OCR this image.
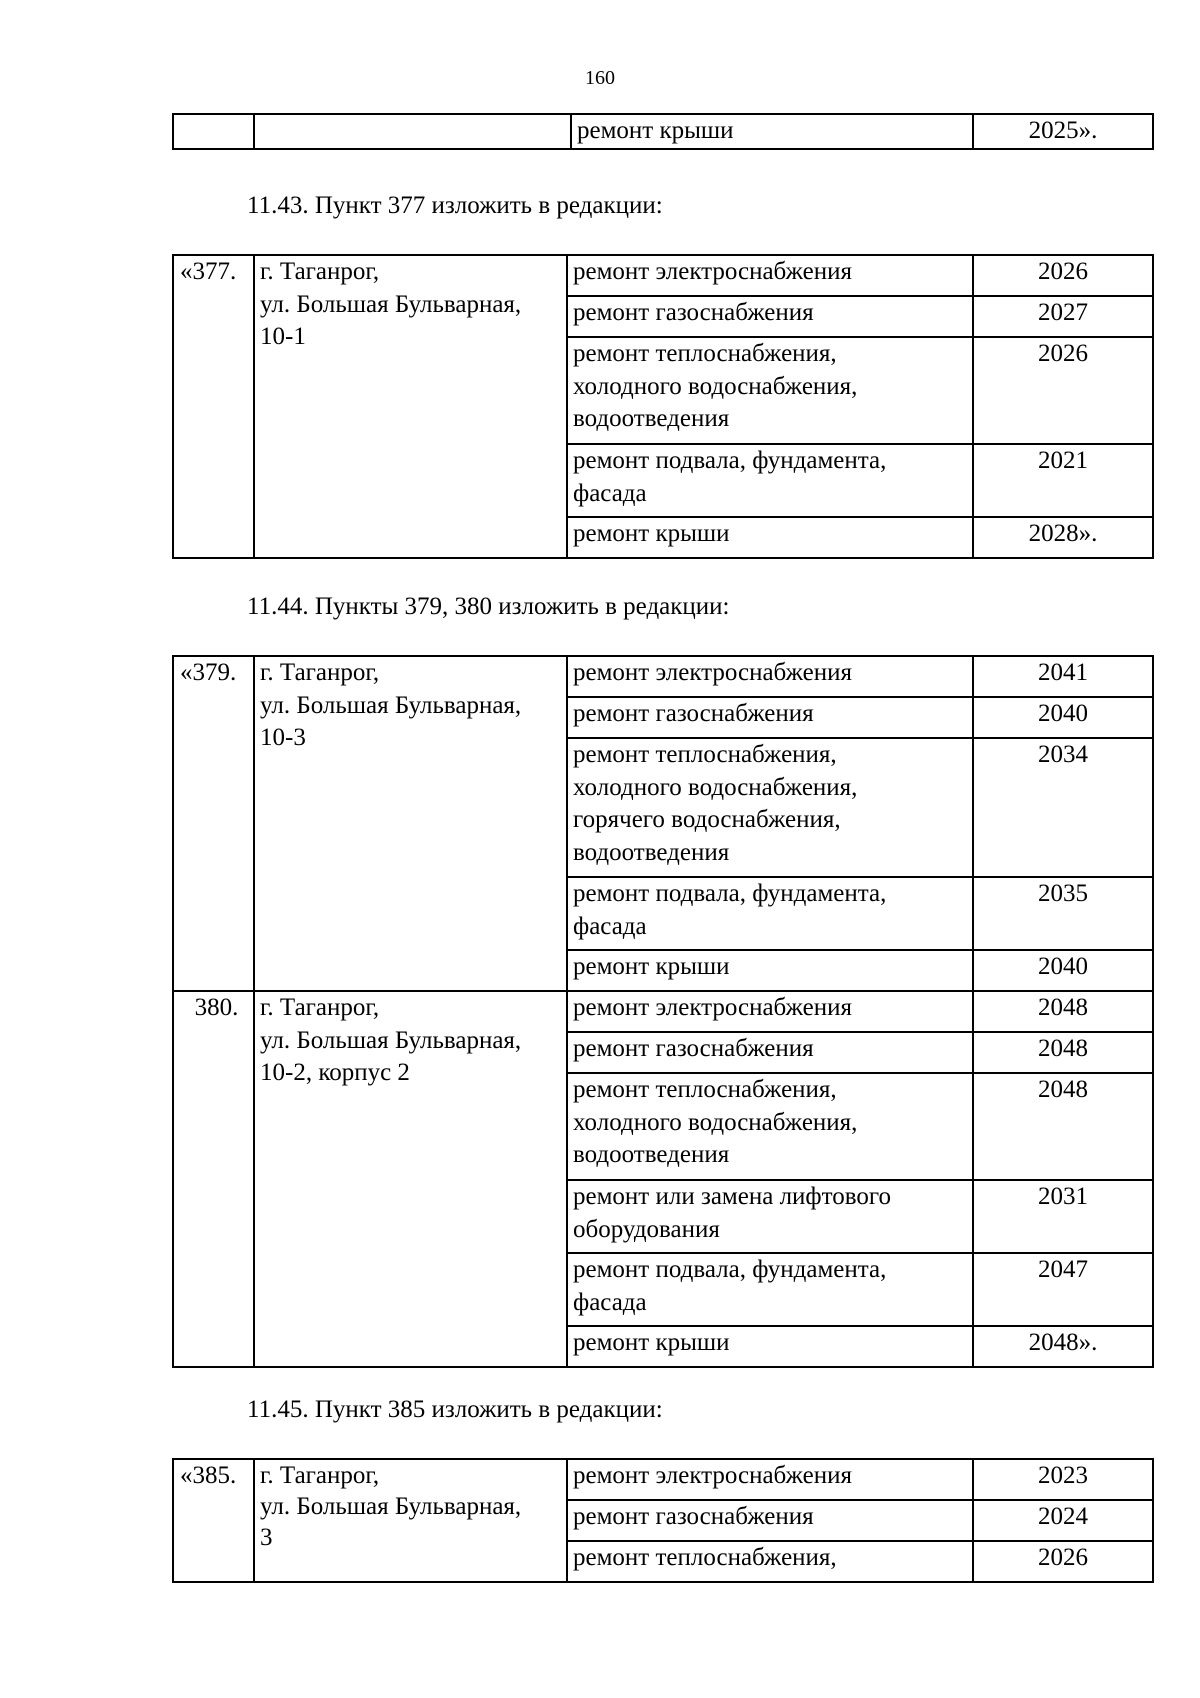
160
		ремонт крыши	2025».
11.43. Пункт 377 изложить в редакции:
«377.	г. Таганрог,
ул. Большая Бульварная,
10-1	ремонт электроснабжения	2026

		ремонт газоснабжения	2027

		ремонт теплоснабжения,
холодного водоснабжения,
водоотведения	2026

		ремонт подвала, фундамента,
фасада	2021

		ремонт крыши	2028».
11.44. Пункты 379, 380 изложить в редакции:
«379.	г. Таганрог,
ул. Большая Бульварная,
10-3	ремонт электроснабжения	2041

		ремонт газоснабжения	2040

		ремонт теплоснабжения,
холодного водоснабжения,
горячего водоснабжения,
водоотведения	2034

		ремонт подвала, фундамента,
фасада	2035

		ремонт крыши	2040
380.	г. Таганрог,
ул. Большая Бульварная,
10-2, корпус 2	ремонт электроснабжения	2048

		ремонт газоснабжения	2048

		ремонт теплоснабжения,
холодного водоснабжения,
водоотведения	2048

		ремонт или замена лифтового
оборудования	2031

		ремонт подвала, фундамента,
фасада	2047

		ремонт крыши	2048».
11.45. Пункт 385 изложить в редакции:
«385.	г. Таганрог,
ул. Большая Бульварная,
3	ремонт электроснабжения	2023

		ремонт газоснабжения	2024

		ремонт теплоснабжения,	2026
